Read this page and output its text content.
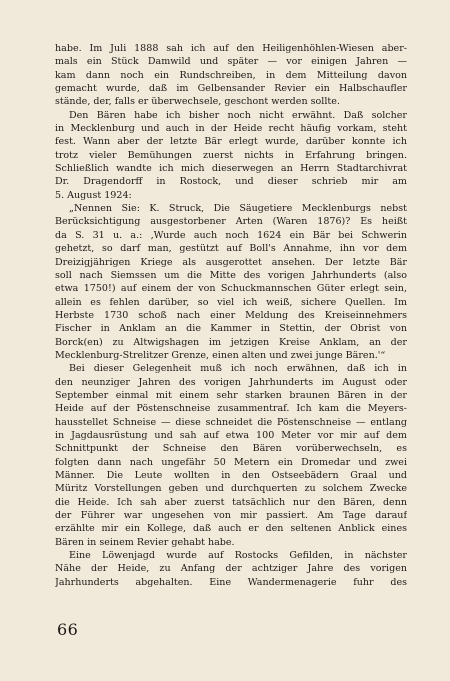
habe. Im Juli 1888 sah ich auf den Heiligenhöhlen-Wiesen aber-
mals ein Stück Damwild und später — vor einigen Jahren —
kam dann noch ein Rundschreiben, in dem Mitteilung davon
gemacht wurde, daß im Gelbensander Revier ein Halbschaufler
stände, der, falls er überwechsele, geschont werden sollte.
Den Bären habe ich bisher noch nicht erwähnt. Daß solcher
in Mecklenburg und auch in der Heide recht häufig vorkam, steht
fest. Wann aber der letzte Bär erlegt wurde, darüber konnte ich
trotz vieler Bemühungen zuerst nichts in Erfahrung bringen.
Schließlich wandte ich mich dieserwegen an Herrn Stadtarchivrat
Dr. Dragendorff in Rostock, und dieser schrieb mir am
5. August 1924:
„Nennen Sie: K. Struck, Die Säugetiere Mecklenburgs nebst
Berücksichtigung ausgestorbener Arten (Waren 1876)? Es heißt
da S. 31 u. a.: ‚Wurde auch noch 1624 ein Bär bei Schwerin
gehetzt, so darf man, gestützt auf Boll's Annahme, ihn vor dem
Dreizigjährigen Kriege als ausgerottet ansehen. Der letzte Bär
soll nach Siemssen um die Mitte des vorigen Jahrhunderts (also
etwa 1750!) auf einem der von Schuckmannschen Güter erlegt sein,
allein es fehlen darüber, so viel ich weiß, sichere Quellen. Im
Herbste 1730 schoß nach einer Meldung des Kreiseinnehmers
Fischer in Anklam an die Kammer in Stettin, der Obrist von
Borck(en) zu Altwigshagen im jetzigen Kreise Anklam, an der
Mecklenburg-Strelitzer Grenze, einen alten und zwei junge Bären.'“
Bei dieser Gelegenheit muß ich noch erwähnen, daß ich in
den neunziger Jahren des vorigen Jahrhunderts im August oder
September einmal mit einem sehr starken braunen Bären in der
Heide auf der Pöstenschneise zusammentraf. Ich kam die Meyers-
hausstellet Schneise — diese schneidet die Pöstenschneise — entlang
in Jagdausrüstung und sah auf etwa 100 Meter vor mir auf dem
Schnittpunkt der Schneise den Bären vorüberwechseln, es
folgten dann nach ungefähr 50 Metern ein Dromedar und zwei
Männer. Die Leute wollten in den Ostseebädern Graal und
Müritz Vorstellungen geben und durchquerten zu solchem Zwecke
die Heide. Ich sah aber zuerst tatsächlich nur den Bären, denn
der Führer war ungesehen von mir passiert. Am Tage darauf
erzählte mir ein Kollege, daß auch er den seltenen Anblick eines
Bären in seinem Revier gehabt habe.
Eine Löwenjagd wurde auf Rostocks Gefilden, in nächster
Nähe der Heide, zu Anfang der achtziger Jahre des vorigen
Jahrhunderts abgehalten. Eine Wandermenagerie fuhr des
66
